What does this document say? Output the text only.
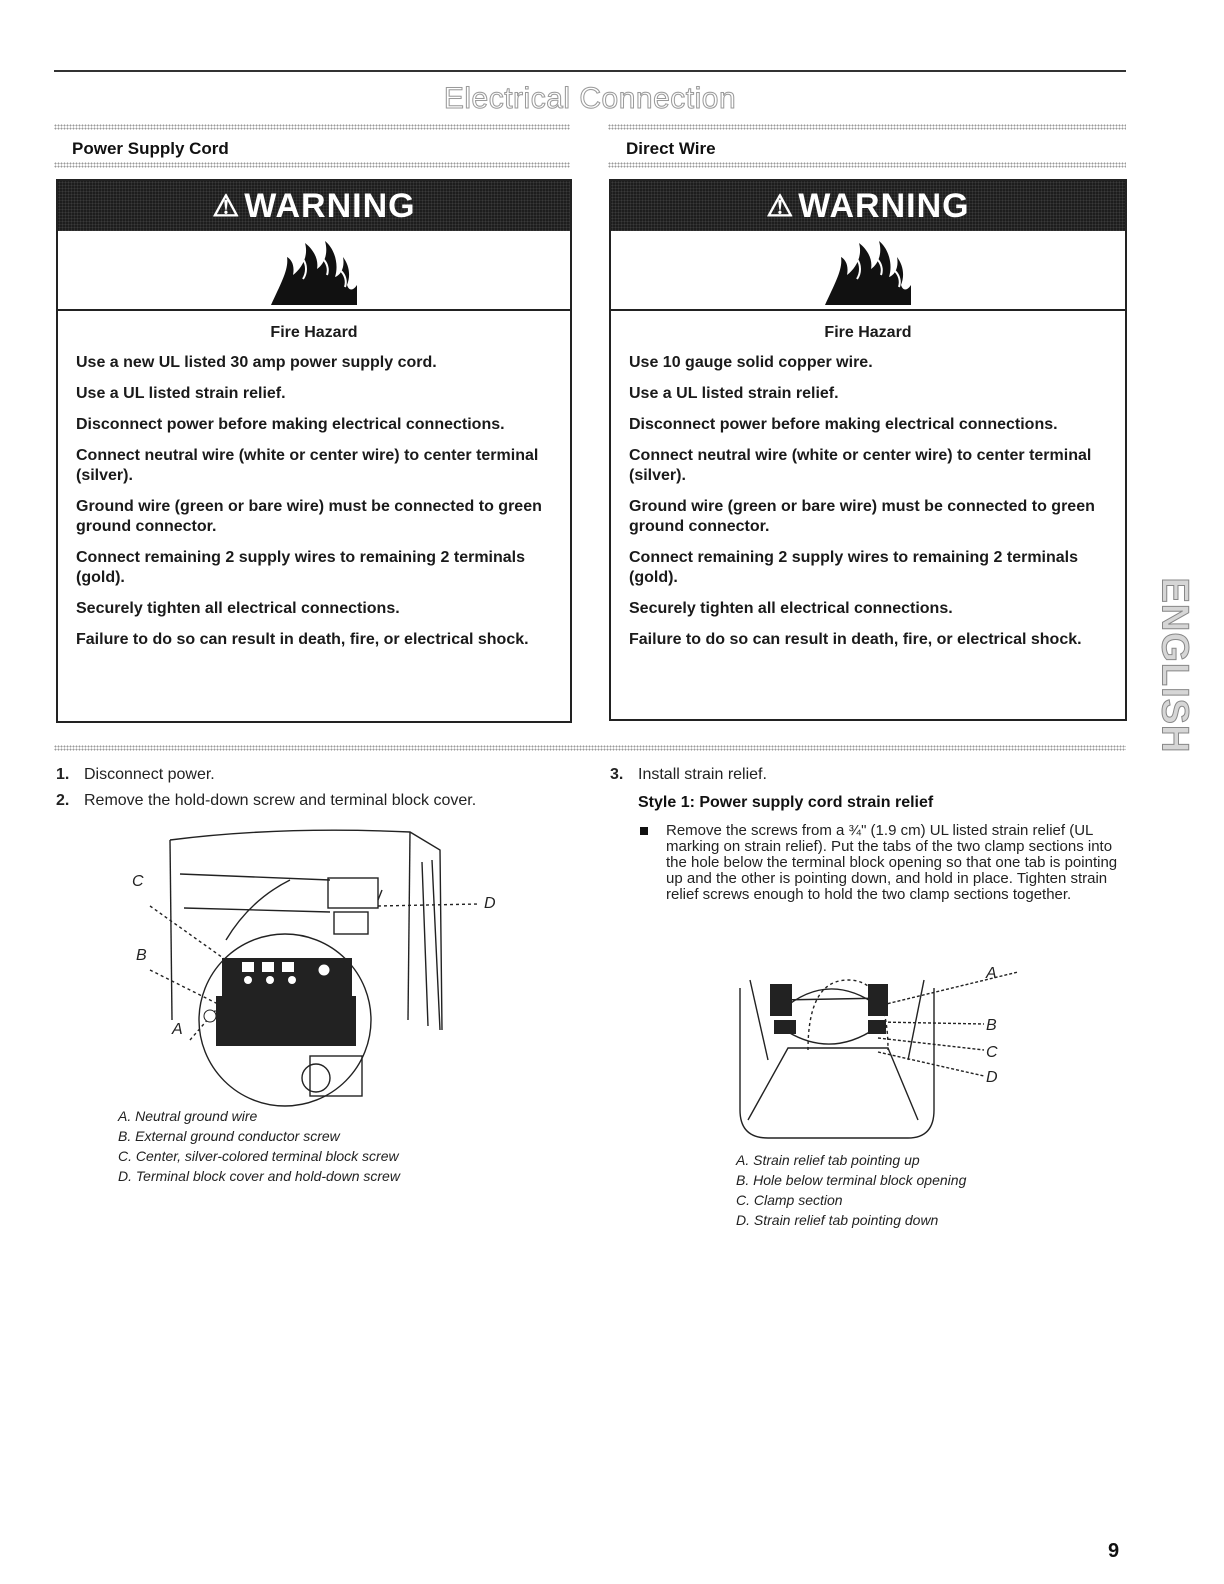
Electrical Connection
Power Supply Cord	Direct Wire
⚠ WARNING
Fire Hazard

Use a new UL listed 30 amp power supply cord.

Use a UL listed strain relief.

Disconnect power before making electrical connections.

Connect neutral wire (white or center wire) to center terminal (silver).

Ground wire (green or bare wire) must be connected to green ground connector.

Connect remaining 2 supply wires to remaining 2 terminals (gold).

Securely tighten all electrical connections.

Failure to do so can result in death, fire, or electrical shock.

⚠ WARNING
Fire Hazard

Use 10 gauge solid copper wire.

Use a UL listed strain relief.

Disconnect power before making electrical connections.

Connect neutral wire (white or center wire) to center terminal (silver).

Ground wire (green or bare wire) must be connected to green ground connector.

Connect remaining 2 supply wires to remaining 2 terminals (gold).

Securely tighten all electrical connections.

Failure to do so can result in death, fire, or electrical shock.

1. Disconnect power.
2. Remove the hold-down screw and terminal block cover.
3. Install strain relief.
Style 1: Power supply cord strain relief
Remove the screws from a ¾" (1.9 cm) UL listed strain relief (UL marking on strain relief). Put the tabs of the two clamp sections into the hole below the terminal block opening so that one tab is pointing up and the other is pointing down, and hold in place. Tighten strain relief screws enough to hold the two clamp sections together.
C
B
A
D
A. Neutral ground wire
B. External ground conductor screw
C. Center, silver-colored terminal block screw
D. Terminal block cover and hold-down screw
A
B
C
D
A. Strain relief tab pointing up
B. Hole below terminal block opening
C. Clamp section
D. Strain relief tab pointing down
ENGLISH
9
